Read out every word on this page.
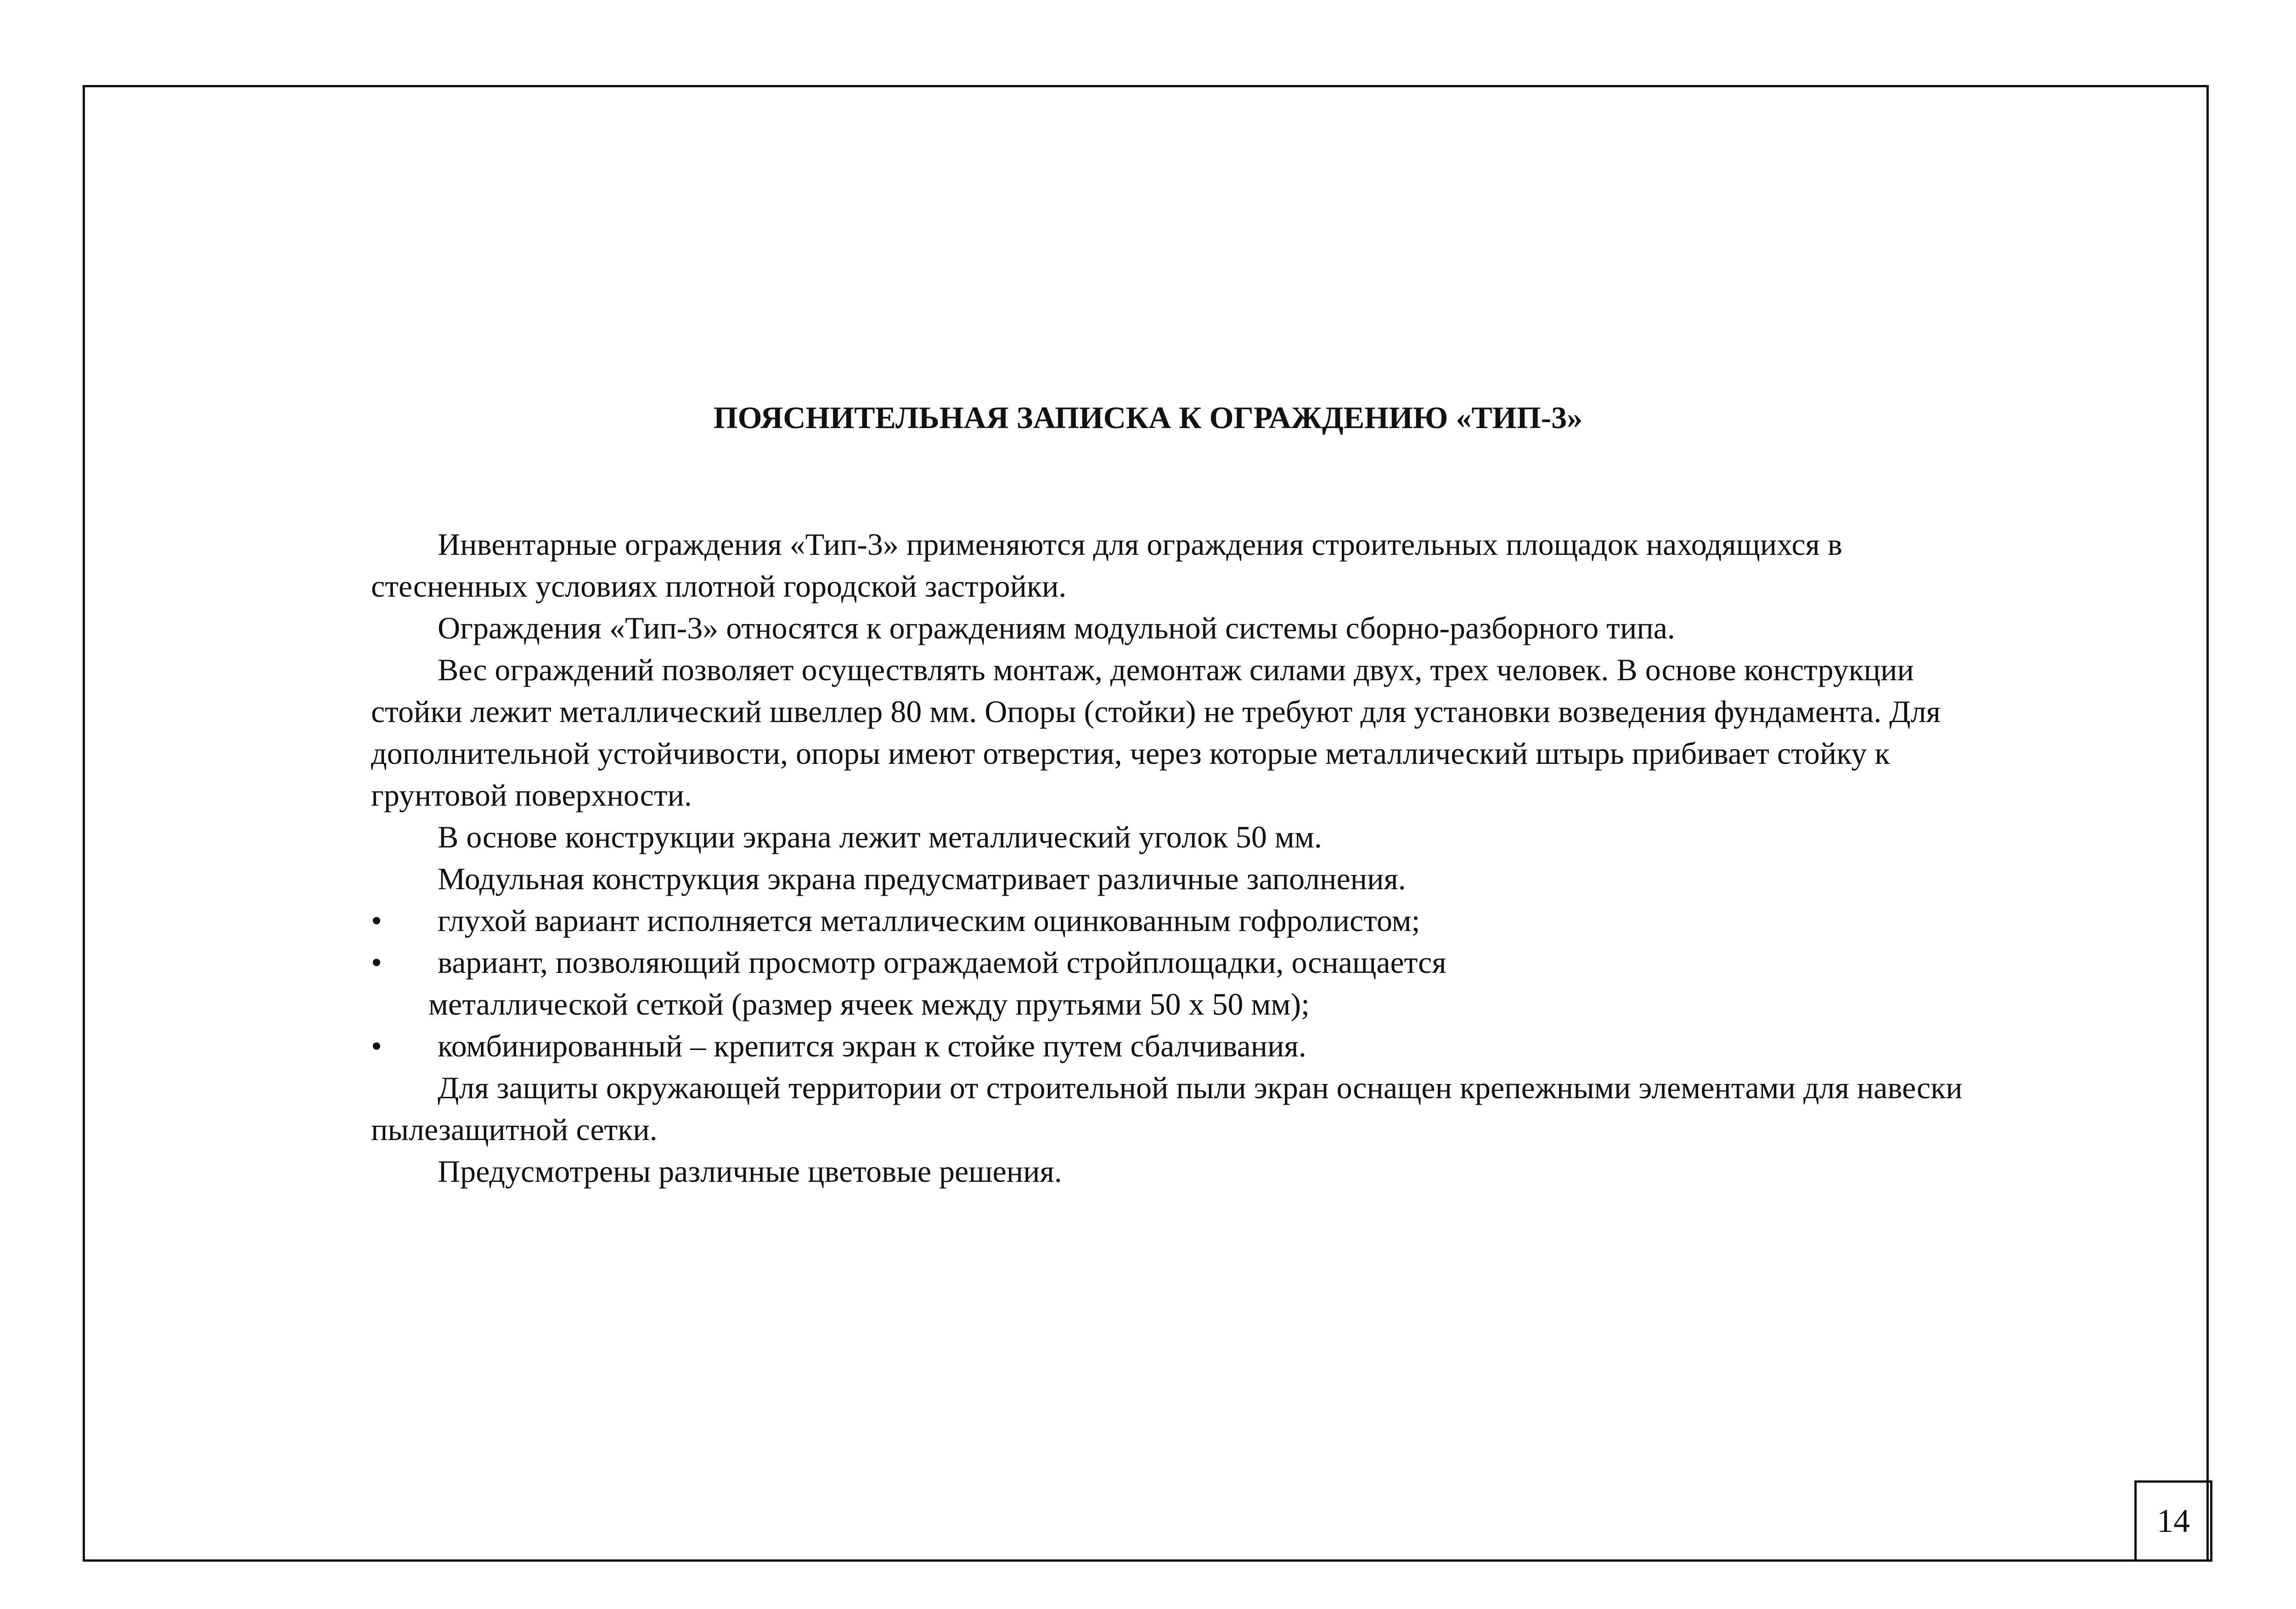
ПОЯСНИТЕЛЬНАЯ ЗАПИСКА К ОГРАЖДЕНИЮ «ТИП-3»

Инвентарные ограждения «Тип-3» применяются для ограждения строительных площадок находящихся в стесненных условиях плотной городской застройки.

Ограждения «Тип-3» относятся к ограждениям модульной системы сборно-разборного типа.

Вес ограждений позволяет осуществлять монтаж, демонтаж силами двух, трех человек. В основе конструкции стойки лежит металлический швеллер 80 мм. Опоры (стойки) не требуют для установки возведения фундамента. Для дополнительной устойчивости, опоры имеют отверстия, через которые металлический штырь прибивает стойку к грунтовой поверхности.

В основе конструкции экрана лежит металлический уголок 50 мм.

Модульная конструкция экрана предусматривает различные заполнения.

• глухой вариант исполняется металлическим оцинкованным гофролистом;
• вариант, позволяющий просмотр ограждаемой стройплощадки, оснащается
металлической сеткой (размер ячеек между прутьями 50 х 50 мм);
• комбинированный – крепится экран к стойке путем сбалчивания.

Для защиты окружающей территории от строительной пыли экран оснащен крепежными элементами для навески пылезащитной сетки.

Предусмотрены различные цветовые решения.

14
